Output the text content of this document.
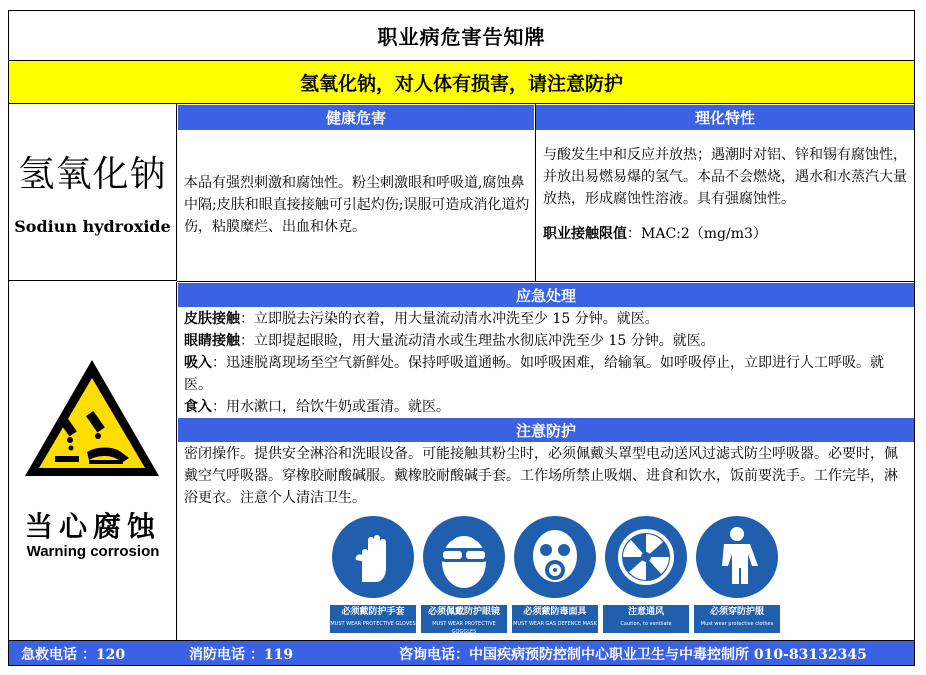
职业病危害告知牌
氢氧化钠，对人体有损害，请注意防护
氢氧化钠
Sodiun hydroxide
健康危害	理化特性
本品有强烈刺激和腐蚀性。粉尘刺激眼和呼吸道,腐蚀鼻中隔;皮肤和眼直接接触可引起灼伤;误服可造成消化道灼伤，粘膜糜烂、出血和休克。
与酸发生中和反应并放热；遇潮时对铝、锌和锡有腐蚀性，并放出易燃易爆的氢气。本品不会燃烧，遇水和水蒸汽大量放热，形成腐蚀性溶液。具有强腐蚀性。
职业接触限值：MAC:2（mg/m3）
当心腐蚀
Warning corrosion
应急处理

皮肤接触：立即脱去污染的衣着，用大量流动清水冲洗至少 15 分钟。就医。

眼睛接触：立即提起眼睑，用大量流动清水或生理盐水彻底冲洗至少 15 分钟。就医。

吸入：迅速脱离现场至空气新鲜处。保持呼吸道通畅。如呼吸困难，给输氧。如呼吸停止，立即进行人工呼吸。就医。

食入：用水漱口，给饮牛奶或蛋清。就医。

注意防护
密闭操作。提供安全淋浴和洗眼设备。可能接触其粉尘时，必须佩戴头罩型电动送风过滤式防尘呼吸器。必要时，佩戴空气呼吸器。穿橡胶耐酸碱服。戴橡胶耐酸碱手套。工作场所禁止吸烟、进食和饮水，饭前要洗手。工作完毕，淋浴更衣。注意个人清洁卫生。
必须戴防护手套
MUST WEAR PROTECTIVE GLOVES
必须佩戴防护眼镜
MUST WEAR PROTECTIVE GOGGLES
必须戴防毒面具
MUST WEAR GAS DEFENCE MASK
注意通风
Caution, to ventilate
必须穿防护服
Must wear protective clothes
急救电话 ：120	消防电话 ：119	咨询电话：中国疾病预防控制中心职业卫生与中毒控制所 010-83132345
